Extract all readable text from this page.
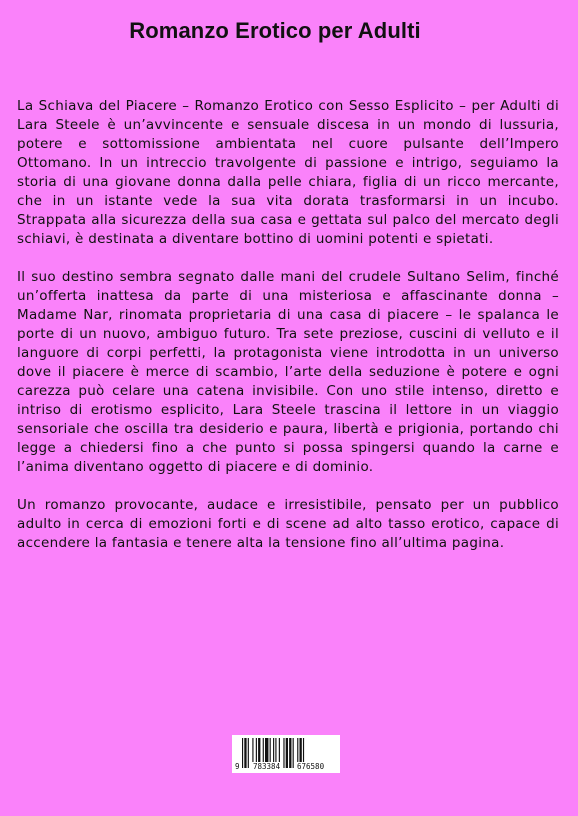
Romanzo Erotico per Adulti

La Schiava del Piacere – Romanzo Erotico con Sesso Esplicito – per Adulti di Lara Steele è un’avvincente e sensuale discesa in un mondo di lussuria, potere e sottomissione ambientata nel cuore pulsante dell’Impero Ottomano. In un intreccio travolgente di passione e intrigo, seguiamo la storia di una giovane donna dalla pelle chiara, figlia di un ricco mercante, che in un istante vede la sua vita dorata trasformarsi in un incubo. Strappata alla sicurezza della sua casa e gettata sul palco del mercato degli schiavi, è destinata a diventare bottino di uomini potenti e spietati.

Il suo destino sembra segnato dalle mani del crudele Sultano Selim, finché un’offerta inattesa da parte di una misteriosa e affascinante donna – Madame Nar, rinomata proprietaria di una casa di piacere – le spalanca le porte di un nuovo, ambiguo futuro. Tra sete preziose, cuscini di velluto e il languore di corpi perfetti, la protagonista viene introdotta in un universo dove il piacere è merce di scambio, l’arte della seduzione è potere e ogni carezza può celare una catena invisibile. Con uno stile intenso, diretto e intriso di erotismo esplicito, Lara Steele trascina il lettore in un viaggio sensoriale che oscilla tra desiderio e paura, libertà e prigionia, portando chi legge a chiedersi fino a che punto si possa spingersi quando la carne e l’anima diventano oggetto di piacere e di dominio.

Un romanzo provocante, audace e irresistibile, pensato per un pubblico adulto in cerca di emozioni forti e di scene ad alto tasso erotico, capace di accendere la fantasia e tenere alta la tensione fino all’ultima pagina.

9 783384 676580
